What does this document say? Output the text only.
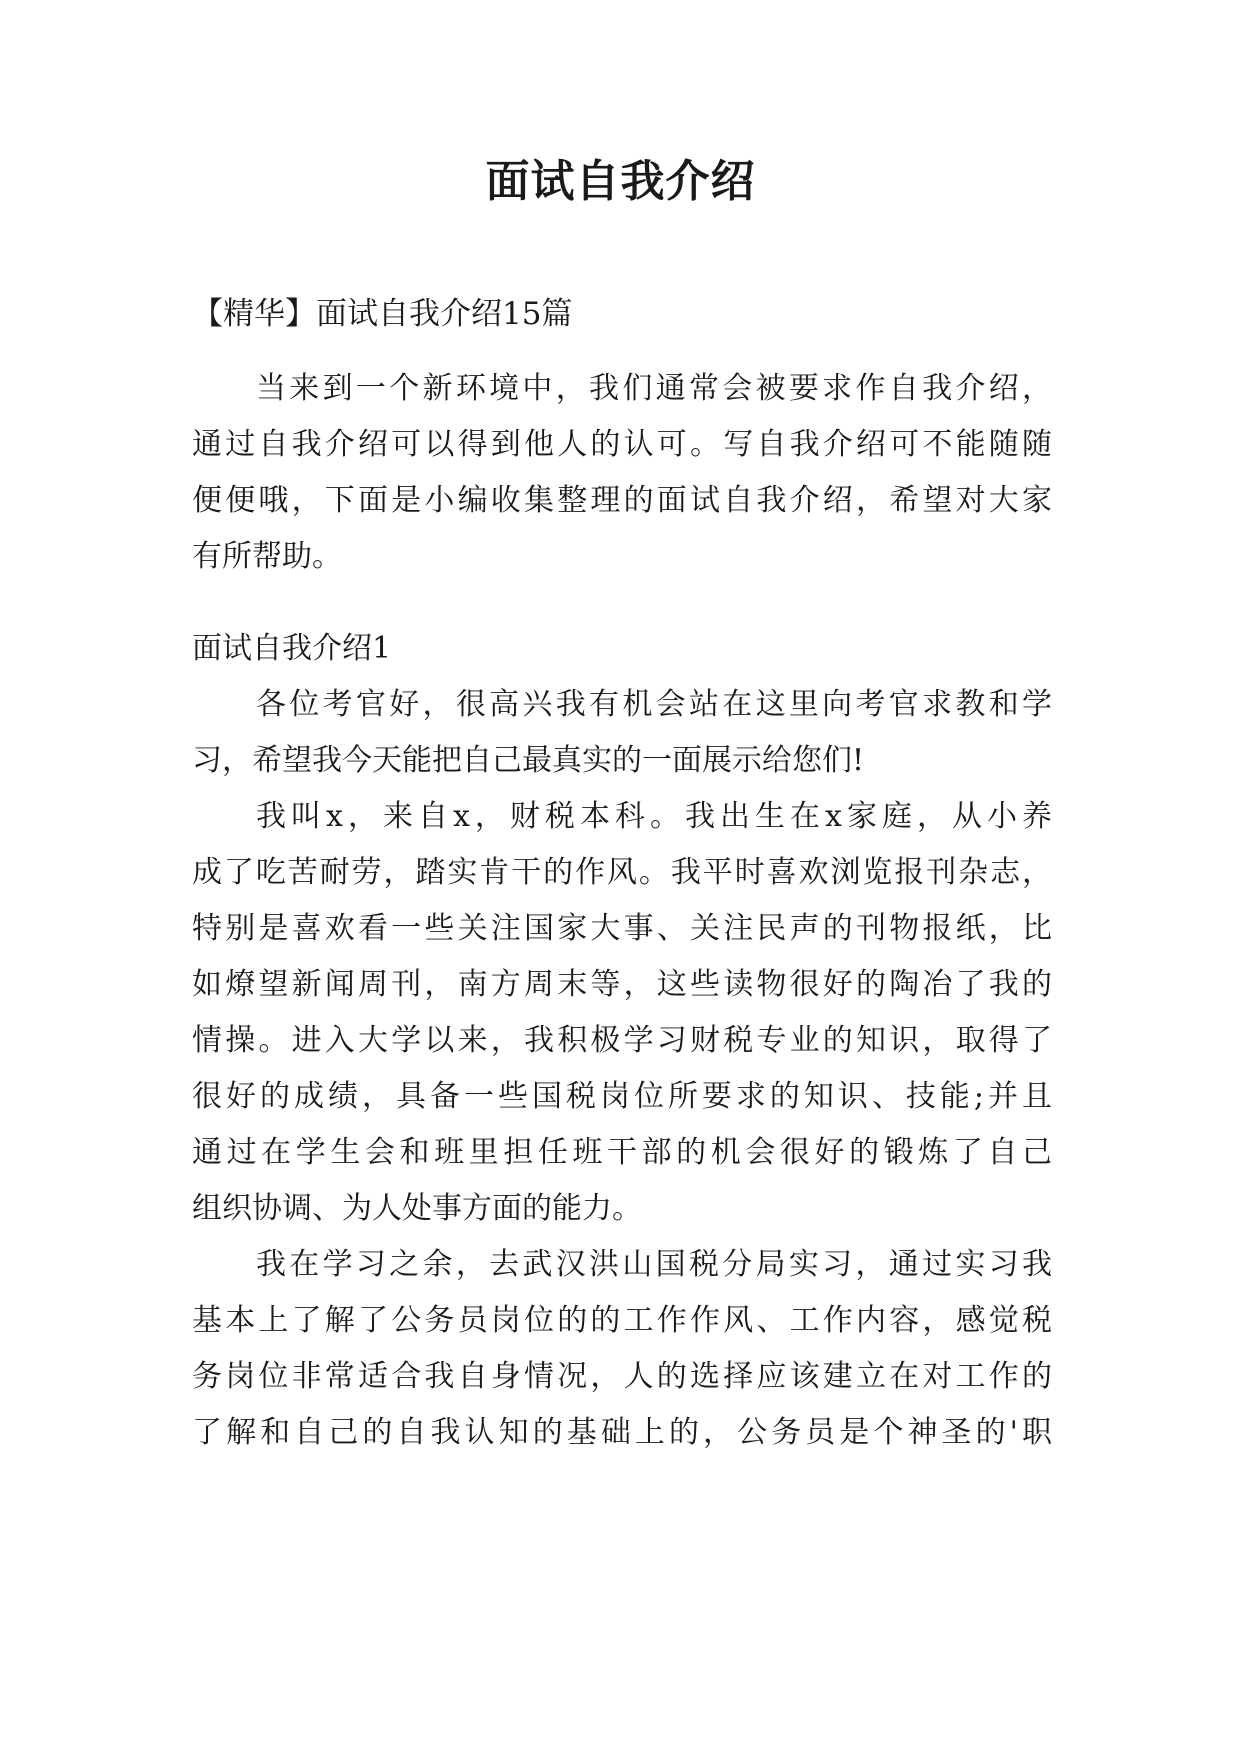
面试自我介绍
【精华】面试自我介绍15篇
当来到一个新环境中，我们通常会被要求作自我介绍，
通过自我介绍可以得到他人的认可。写自我介绍可不能随随
便便哦，下面是小编收集整理的面试自我介绍，希望对大家
有所帮助。
面试自我介绍1
各位考官好，很高兴我有机会站在这里向考官求教和学
习，希望我今天能把自己最真实的一面展示给您们!
我叫x，来自x，财税本科。我出生在x家庭，从小养
成了吃苦耐劳，踏实肯干的作风。我平时喜欢浏览报刊杂志，
特别是喜欢看一些关注国家大事、关注民声的刊物报纸，比
如燎望新闻周刊，南方周末等，这些读物很好的陶冶了我的
情操。进入大学以来，我积极学习财税专业的知识，取得了
很好的成绩，具备一些国税岗位所要求的知识、技能;并且
通过在学生会和班里担任班干部的机会很好的锻炼了自己
组织协调、为人处事方面的能力。
我在学习之余，去武汉洪山国税分局实习，通过实习我
基本上了解了公务员岗位的的工作作风、工作内容，感觉税
务岗位非常适合我自身情况，人的选择应该建立在对工作的
了解和自己的自我认知的基础上的，公务员是个神圣的'职
